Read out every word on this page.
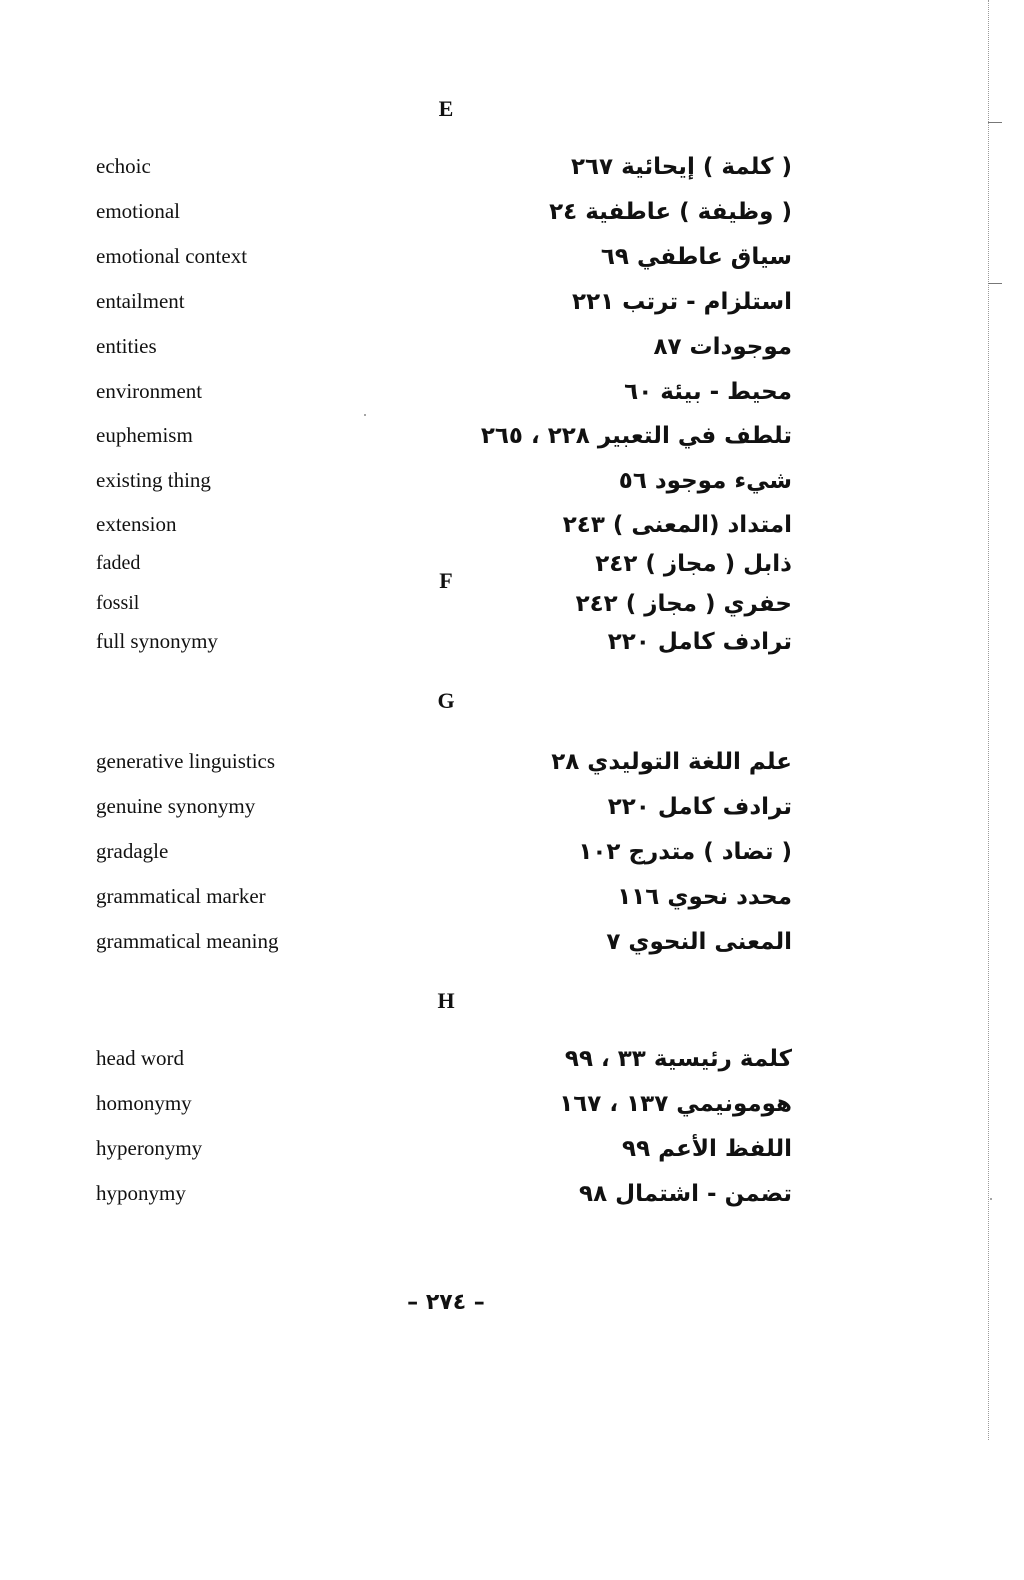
E
echoic	( كلمة ) إيحائية ٢٦٧
emotional	( وظيفة ) عاطفية ٢٤
emotional context	سياق عاطفي ٦٩
entailment	استلزام - ترتب ٢٢١
entities	موجودات ٨٧
environment	محيط - بيئة ٦٠
euphemism	تلطف في التعبير ٢٢٨ ، ٢٦٥
existing thing	شيء موجود ٥٦
extension	امتداد (المعنى ) ٢٤٣
F
faded	ذابل ( مجاز ) ٢٤٢
fossil	حفري ( مجاز ) ٢٤٢
full synonymy	ترادف كامل ٢٢٠
G
generative linguistics	علم اللغة التوليدي ٢٨
genuine synonymy	ترادف كامل ٢٢٠
gradagle	( تضاد ) متدرج ١٠٢
grammatical marker	محدد نحوي ١١٦
grammatical meaning	المعنى النحوي ٧
H
head word	كلمة رئيسية ٣٣ ، ٩٩
homonymy	هومونيمي ١٣٧ ، ١٦٧
hyperonymy	اللفظ الأعم ٩٩
hyponymy	تضمن - اشتمال ٩٨
– ٢٧٤ –
